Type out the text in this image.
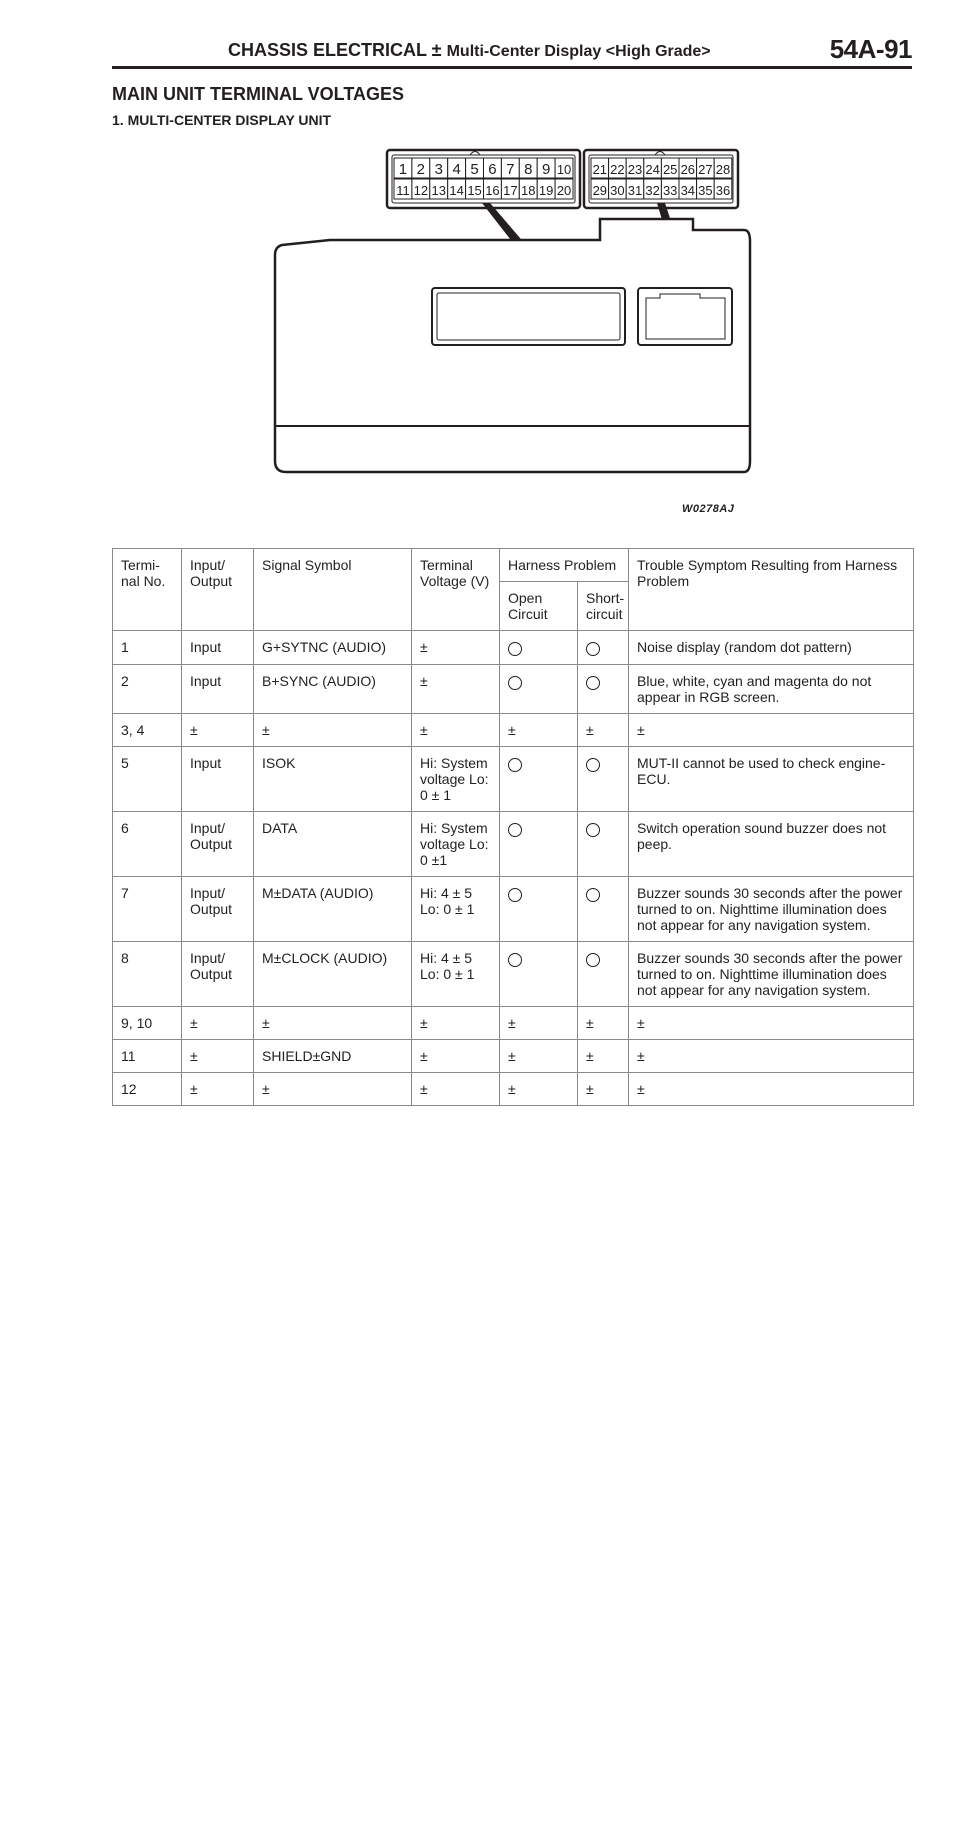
CHASSIS ELECTRICAL ± Multi-Center Display <High Grade>	54A-91
MAIN UNIT TERMINAL VOLTAGES
1. MULTI-CENTER DISPLAY UNIT
1 2 3 4 5 6 7 8 9 10
11 12 13 14 15 16 17 18 19 20
21 22 23 24 25 26 27 28
29 30 31 32 33 34 35 36
W0278AJ
Termi- nal No.	Input/ Output	Signal Symbol	Terminal Voltage (V)	Harness Problem		Trouble Symptom Resulting from Harness Problem
				Open Circuit	Short- circuit	
1	Input	G+SYTNC (AUDIO)	±			Noise display (random dot pattern)
2	Input	B+SYNC (AUDIO)	±			Blue, white, cyan and magenta do not appear in RGB screen.
3, 4	±	±	±	±	±	±
5	Input	ISOK	Hi: System voltage Lo: 0 ± 1			MUT-II cannot be used to check engine-ECU.
6	Input/ Output	DATA	Hi: System voltage Lo: 0 ±1			Switch operation sound buzzer does not peep.
7	Input/ Output	M±DATA (AUDIO)	Hi: 4 ± 5 Lo: 0 ± 1			Buzzer sounds 30 seconds after the power turned to on. Nighttime illumination does not appear for any navigation system.
8	Input/ Output	M±CLOCK (AUDIO)	Hi: 4 ± 5 Lo: 0 ± 1			Buzzer sounds 30 seconds after the power turned to on. Nighttime illumination does not appear for any navigation system.
9, 10	±	±	±	±	±	±
11	±	SHIELD±GND	±	±	±	±
12	±	±	±	±	±	±
